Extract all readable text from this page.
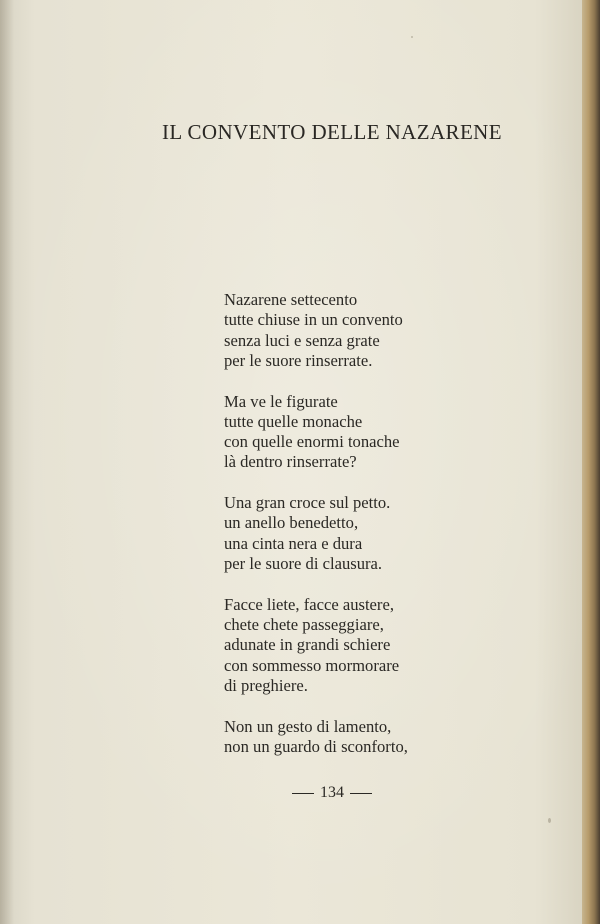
IL CONVENTO DELLE NAZARENE
Nazarene settecento
tutte chiuse in un convento
senza luci e senza grate
per le suore rinserrate.
Ma ve le figurate
tutte quelle monache
con quelle enormi tonache
là dentro rinserrate?
Una gran croce sul petto.
un anello benedetto,
una cinta nera e dura
per le suore di clausura.
Facce liete, facce austere,
chete chete passeggiare,
adunate in grandi schiere
con sommesso mormorare
di preghiere.
Non un gesto di lamento,
non un guardo di sconforto,
134
